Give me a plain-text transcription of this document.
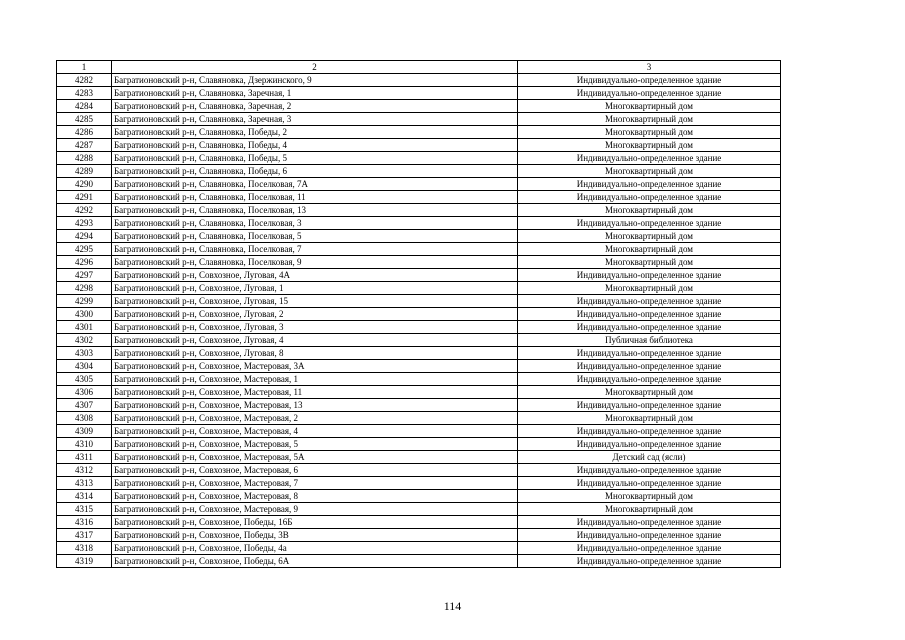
1	2	3
4282	Багратионовский р-н, Славяновка, Дзержинского, 9	Индивидуально-определенное здание
4283	Багратионовский р-н, Славяновка, Заречная, 1	Индивидуально-определенное здание
4284	Багратионовский р-н, Славяновка, Заречная, 2	Многоквартирный дом
4285	Багратионовский р-н, Славяновка, Заречная, 3	Многоквартирный дом
4286	Багратионовский р-н, Славяновка, Победы, 2	Многоквартирный дом
4287	Багратионовский р-н, Славяновка, Победы, 4	Многоквартирный дом
4288	Багратионовский р-н, Славяновка, Победы, 5	Индивидуально-определенное здание
4289	Багратионовский р-н, Славяновка, Победы, 6	Многоквартирный дом
4290	Багратионовский р-н, Славяновка, Поселковая, 7А	Индивидуально-определенное здание
4291	Багратионовский р-н, Славяновка, Поселковая, 11	Индивидуально-определенное здание
4292	Багратионовский р-н, Славяновка, Поселковая, 13	Многоквартирный дом
4293	Багратионовский р-н, Славяновка, Поселковая, 3	Индивидуально-определенное здание
4294	Багратионовский р-н, Славяновка, Поселковая, 5	Многоквартирный дом
4295	Багратионовский р-н, Славяновка, Поселковая, 7	Многоквартирный дом
4296	Багратионовский р-н, Славяновка, Поселковая, 9	Многоквартирный дом
4297	Багратионовский р-н, Совхозное, Луговая, 4А	Индивидуально-определенное здание
4298	Багратионовский р-н, Совхозное, Луговая, 1	Многоквартирный дом
4299	Багратионовский р-н, Совхозное, Луговая, 15	Индивидуально-определенное здание
4300	Багратионовский р-н, Совхозное, Луговая, 2	Индивидуально-определенное здание
4301	Багратионовский р-н, Совхозное, Луговая, 3	Индивидуально-определенное здание
4302	Багратионовский р-н, Совхозное, Луговая, 4	Публичная библиотека
4303	Багратионовский р-н, Совхозное, Луговая, 8	Индивидуально-определенное здание
4304	Багратионовский р-н, Совхозное, Мастеровая, 3А	Индивидуально-определенное здание
4305	Багратионовский р-н, Совхозное, Мастеровая, 1	Индивидуально-определенное здание
4306	Багратионовский р-н, Совхозное, Мастеровая, 11	Многоквартирный дом
4307	Багратионовский р-н, Совхозное, Мастеровая, 13	Индивидуально-определенное здание
4308	Багратионовский р-н, Совхозное, Мастеровая, 2	Многоквартирный дом
4309	Багратионовский р-н, Совхозное, Мастеровая, 4	Индивидуально-определенное здание
4310	Багратионовский р-н, Совхозное, Мастеровая, 5	Индивидуально-определенное здание
4311	Багратионовский р-н, Совхозное, Мастеровая, 5А	Детский сад (ясли)
4312	Багратионовский р-н, Совхозное, Мастеровая, 6	Индивидуально-определенное здание
4313	Багратионовский р-н, Совхозное, Мастеровая, 7	Индивидуально-определенное здание
4314	Багратионовский р-н, Совхозное, Мастеровая, 8	Многоквартирный дом
4315	Багратионовский р-н, Совхозное, Мастеровая, 9	Многоквартирный дом
4316	Багратионовский р-н, Совхозное, Победы, 16Б	Индивидуально-определенное здание
4317	Багратионовский р-н, Совхозное, Победы, 3В	Индивидуально-определенное здание
4318	Багратионовский р-н, Совхозное, Победы, 4а	Индивидуально-определенное здание
4319	Багратионовский р-н, Совхозное, Победы, 6А	Индивидуально-определенное здание
114
